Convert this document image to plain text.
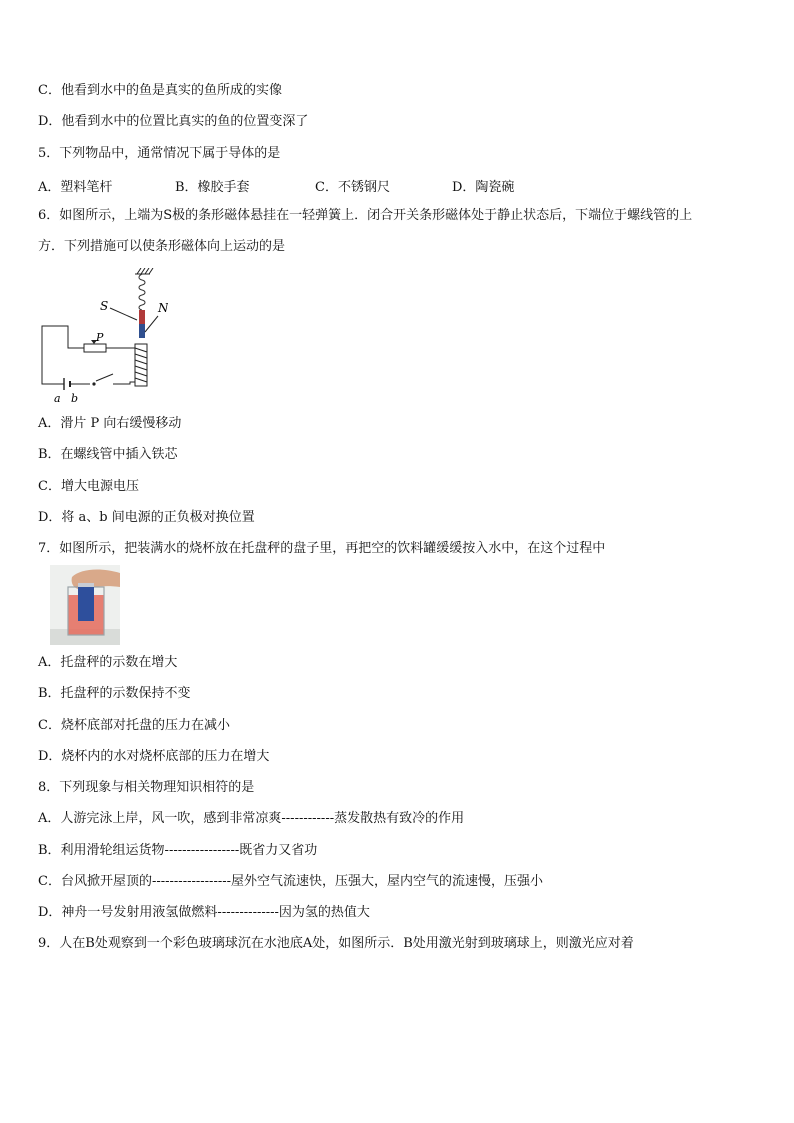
C．他看到水中的鱼是真实的鱼所成的实像
D．他看到水中的位置比真实的鱼的位置变深了
5．下列物品中，通常情况下属于导体的是
A．塑料笔杆	B．橡胶手套	C．不锈钢尺	D．陶瓷碗
6．如图所示，上端为S极的条形磁体悬挂在一轻弹簧上．闭合开关条形磁体处于静止状态后，下端位于螺线管的上
方．下列措施可以使条形磁体向上运动的是
S	N
P
a b
A．滑片 P 向右缓慢移动
B．在螺线管中插入铁芯
C．增大电源电压
D．将 a、b 间电源的正负极对换位置
7．如图所示，把装满水的烧杯放在托盘秤的盘子里，再把空的饮料罐缓缓按入水中，在这个过程中
A．托盘秤的示数在增大
B．托盘秤的示数保持不变
C．烧杯底部对托盘的压力在减小
D．烧杯内的水对烧杯底部的压力在增大
8．下列现象与相关物理知识相符的是
A．人游完泳上岸，风一吹，感到非常凉爽------------蒸发散热有致冷的作用
B．利用滑轮组运货物-----------------既省力又省功
C．台风掀开屋顶的------------------屋外空气流速快，压强大，屋内空气的流速慢，压强小
D．神舟一号发射用液氢做燃料--------------因为氢的热值大
9．人在B处观察到一个彩色玻璃球沉在水池底A处，如图所示．B处用激光射到玻璃球上，则激光应对着
